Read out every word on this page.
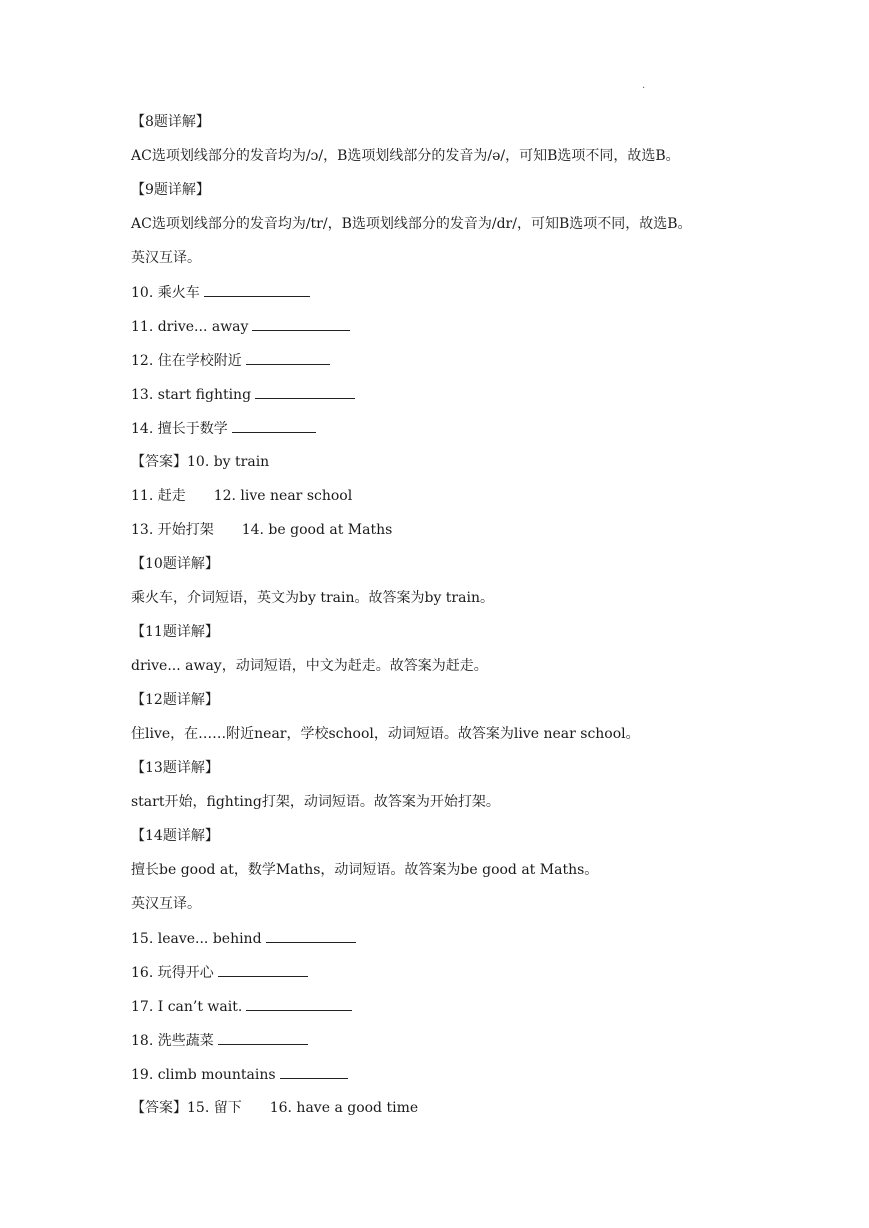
.
【8题详解】
AC选项划线部分的发音均为/ɔ/，B选项划线部分的发音为/ə/，可知B选项不同，故选B。
【9题详解】
AC选项划线部分的发音均为/tr/，B选项划线部分的发音为/dr/，可知B选项不同，故选B。
英汉互译。
10. 乘火车
11. drive... away
12. 住在学校附近
13. start fighting
14. 擅长于数学
【答案】10. by train
11. 赶走 12. live near school
13. 开始打架 14. be good at Maths
【10题详解】
乘火车，介词短语，英文为by train。故答案为by train。
【11题详解】
drive... away，动词短语，中文为赶走。故答案为赶走。
【12题详解】
住live，在……附近near，学校school，动词短语。故答案为live near school。
【13题详解】
start开始，fighting打架，动词短语。故答案为开始打架。
【14题详解】
擅长be good at，数学Maths，动词短语。故答案为be good at Maths。
英汉互译。
15. leave... behind
16. 玩得开心
17. I can’t wait.
18. 洗些蔬菜
19. climb mountains
【答案】15. 留下 16. have a good time
